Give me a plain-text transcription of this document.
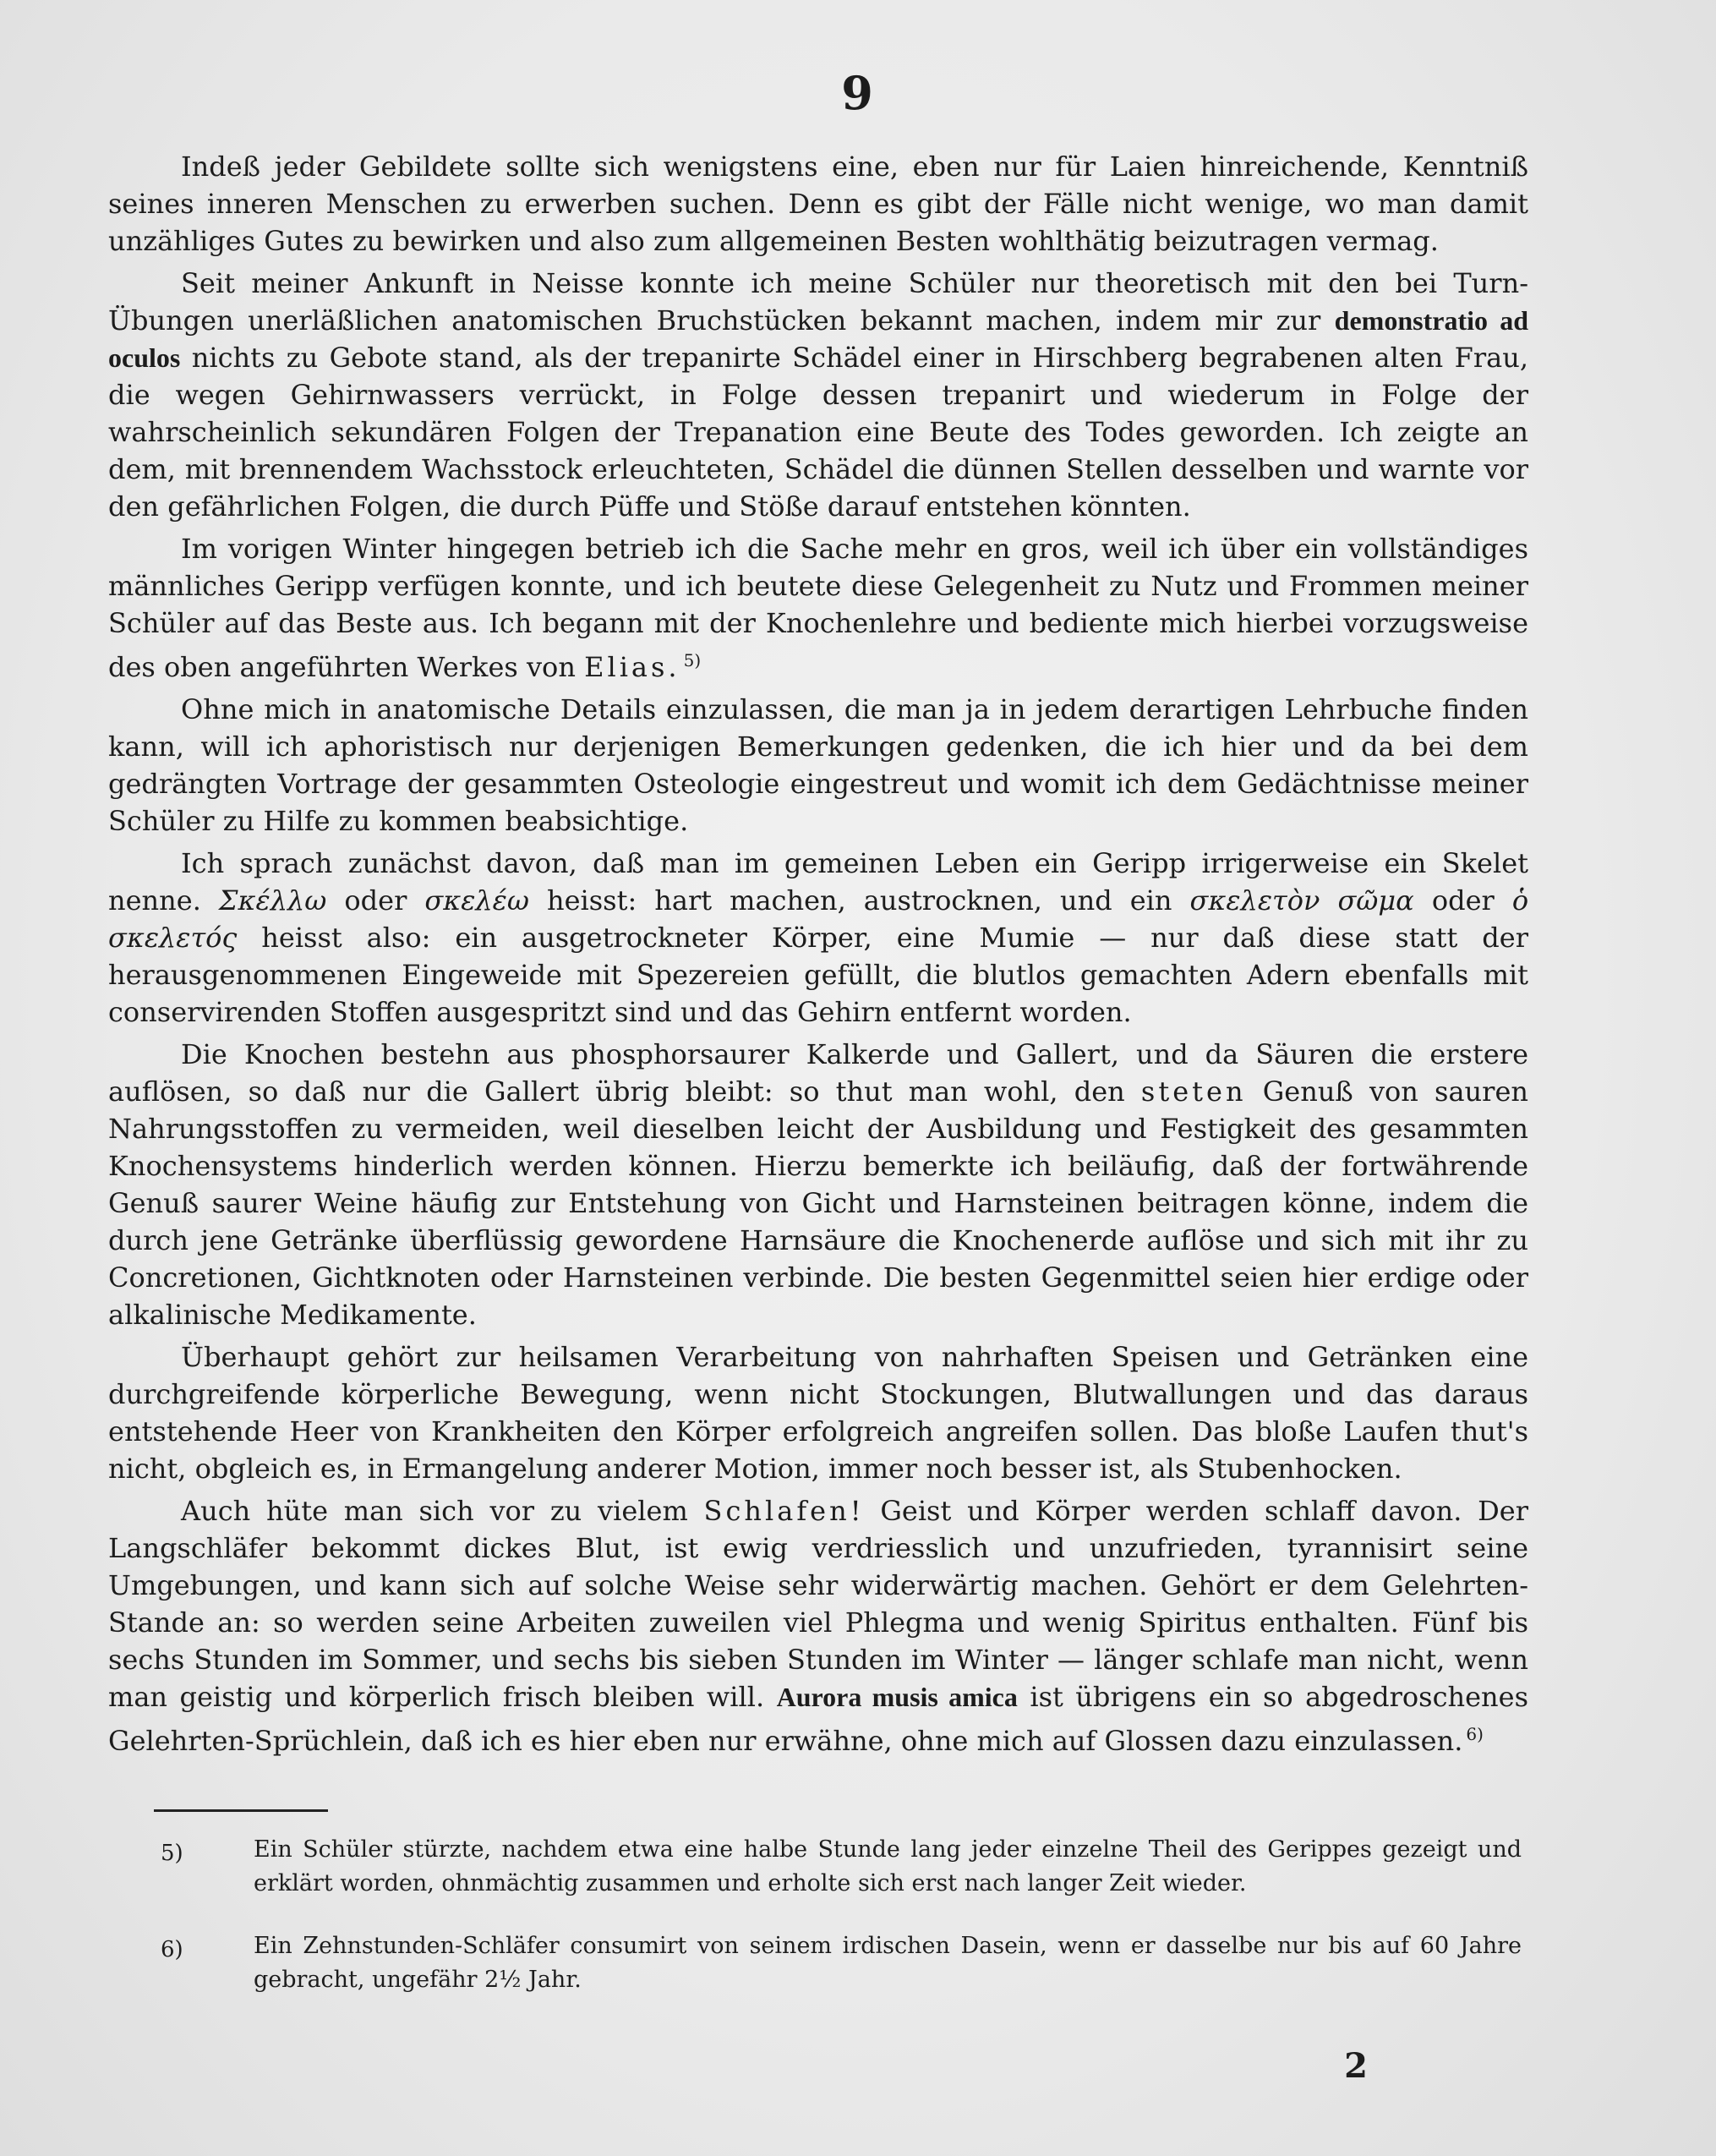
9

Indeß jeder Gebildete sollte sich wenigstens eine, eben nur für Laien hinreichende, Kenntniß seines inneren Menschen zu erwerben suchen. Denn es gibt der Fälle nicht wenige, wo man damit unzähliges Gutes zu bewirken und also zum allgemeinen Besten wohlthätig beizutragen vermag.

Seit meiner Ankunft in Neisse konnte ich meine Schüler nur theoretisch mit den bei Turn-Übungen unerläßlichen anatomischen Bruchstücken bekannt machen, indem mir zur demonstratio ad oculos nichts zu Gebote stand, als der trepanirte Schädel einer in Hirschberg begrabenen alten Frau, die wegen Gehirnwassers verrückt, in Folge dessen trepanirt und wiederum in Folge der wahrscheinlich sekundären Folgen der Trepanation eine Beute des Todes geworden. Ich zeigte an dem, mit brennendem Wachsstock erleuchteten, Schädel die dünnen Stellen desselben und warnte vor den gefährlichen Folgen, die durch Püffe und Stöße darauf entstehen könnten.

Im vorigen Winter hingegen betrieb ich die Sache mehr en gros, weil ich über ein vollständiges männliches Geripp verfügen konnte, und ich beutete diese Gelegenheit zu Nutz und Frommen meiner Schüler auf das Beste aus. Ich begann mit der Knochenlehre und bediente mich hierbei vorzugsweise des oben angeführten Werkes von Elias. $^{5)}$

Ohne mich in anatomische Details einzulassen, die man ja in jedem derartigen Lehrbuche finden kann, will ich aphoristisch nur derjenigen Bemerkungen gedenken, die ich hier und da bei dem gedrängten Vortrage der gesammten Osteologie eingestreut und womit ich dem Gedächtnisse meiner Schüler zu Hilfe zu kommen beabsichtige.

Ich sprach zunächst davon, daß man im gemeinen Leben ein Geripp irrigerweise ein Skelet nenne. Σκέλλω oder σκελέω heisst: hart machen, austrocknen, und ein σκελετὸν σῶμα oder ὁ σκελετός heisst also: ein ausgetrockneter Körper, eine Mumie — nur daß diese statt der herausgenommenen Eingeweide mit Spezereien gefüllt, die blutlos gemachten Adern ebenfalls mit conservirenden Stoffen ausgespritzt sind und das Gehirn entfernt worden.

Die Knochen bestehn aus phosphorsaurer Kalkerde und Gallert, und da Säuren die erstere auflösen, so daß nur die Gallert übrig bleibt: so thut man wohl, den steten Genuß von sauren Nahrungsstoffen zu vermeiden, weil dieselben leicht der Ausbildung und Festigkeit des gesammten Knochensystems hinderlich werden können. Hierzu bemerkte ich beiläufig, daß der fortwährende Genuß saurer Weine häufig zur Entstehung von Gicht und Harnsteinen beitragen könne, indem die durch jene Getränke überflüssig gewordene Harnsäure die Knochenerde auflöse und sich mit ihr zu Concretionen, Gichtknoten oder Harnsteinen verbinde. Die besten Gegenmittel seien hier erdige oder alkalinische Medikamente.

Überhaupt gehört zur heilsamen Verarbeitung von nahrhaften Speisen und Getränken eine durchgreifende körperliche Bewegung, wenn nicht Stockungen, Blutwallungen und das daraus entstehende Heer von Krankheiten den Körper erfolgreich angreifen sollen. Das bloße Laufen thut's nicht, obgleich es, in Ermangelung anderer Motion, immer noch besser ist, als Stubenhocken.

Auch hüte man sich vor zu vielem Schlafen! Geist und Körper werden schlaff davon. Der Langschläfer bekommt dickes Blut, ist ewig verdriesslich und unzufrieden, tyrannisirt seine Umgebungen, und kann sich auf solche Weise sehr widerwärtig machen. Gehört er dem Gelehrten-Stande an: so werden seine Arbeiten zuweilen viel Phlegma und wenig Spiritus enthalten. Fünf bis sechs Stunden im Sommer, und sechs bis sieben Stunden im Winter — länger schlafe man nicht, wenn man geistig und körperlich frisch bleiben will. Aurora musis amica ist übrigens ein so abgedroschenes Gelehrten-Sprüchlein, daß ich es hier eben nur erwähne, ohne mich auf Glossen dazu einzulassen. $^{6)}$

5)	Ein Schüler stürzte, nachdem etwa eine halbe Stunde lang jeder einzelne Theil des Gerippes gezeigt und erklärt worden, ohnmächtig zusammen und erholte sich erst nach langer Zeit wieder.
6)	Ein Zehnstunden-Schläfer consumirt von seinem irdischen Dasein, wenn er dasselbe nur bis auf 60 Jahre gebracht, ungefähr 2½ Jahr.
2
